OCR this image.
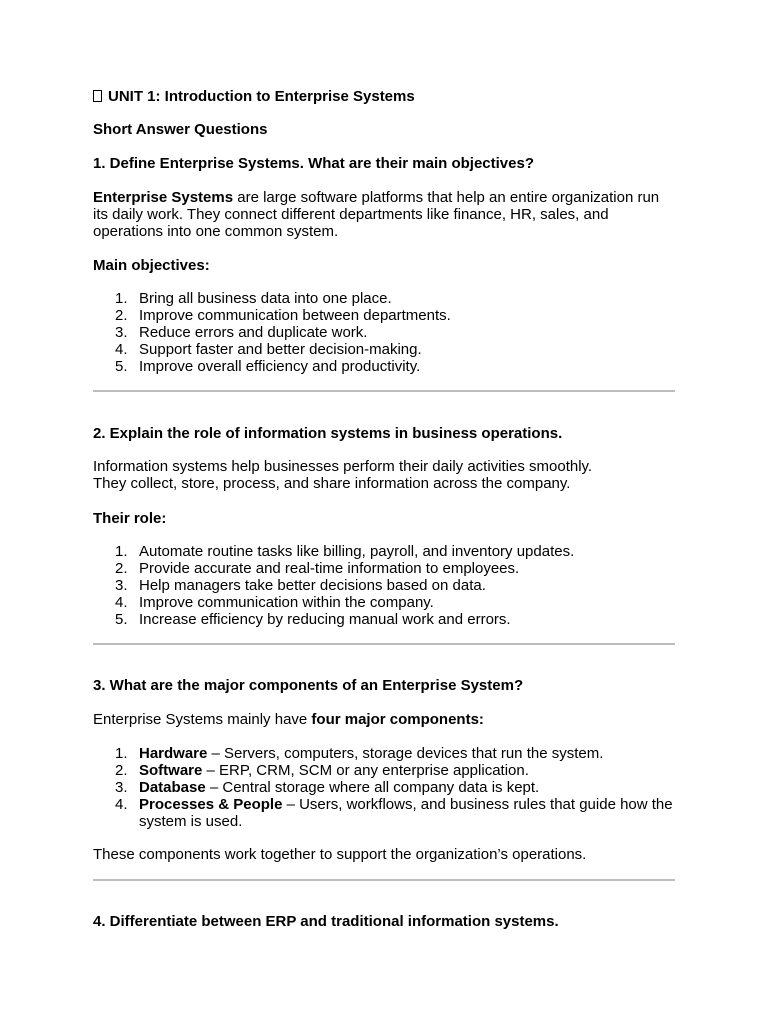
UNIT 1: Introduction to Enterprise Systems
Short Answer Questions
1. Define Enterprise Systems. What are their main objectives?
Enterprise Systems are large software platforms that help an entire organization run its daily work. They connect different departments like finance, HR, sales, and operations into one common system.
Main objectives:
1. Bring all business data into one place.
2. Improve communication between departments.
3. Reduce errors and duplicate work.
4. Support faster and better decision-making.
5. Improve overall efficiency and productivity.
2. Explain the role of information systems in business operations.
Information systems help businesses perform their daily activities smoothly.
They collect, store, process, and share information across the company.
Their role:
1. Automate routine tasks like billing, payroll, and inventory updates.
2. Provide accurate and real-time information to employees.
3. Help managers take better decisions based on data.
4. Improve communication within the company.
5. Increase efficiency by reducing manual work and errors.
3. What are the major components of an Enterprise System?
Enterprise Systems mainly have four major components:
1. Hardware – Servers, computers, storage devices that run the system.
2. Software – ERP, CRM, SCM or any enterprise application.
3. Database – Central storage where all company data is kept.
4. Processes & People – Users, workflows, and business rules that guide how the system is used.
These components work together to support the organization’s operations.
4. Differentiate between ERP and traditional information systems.
